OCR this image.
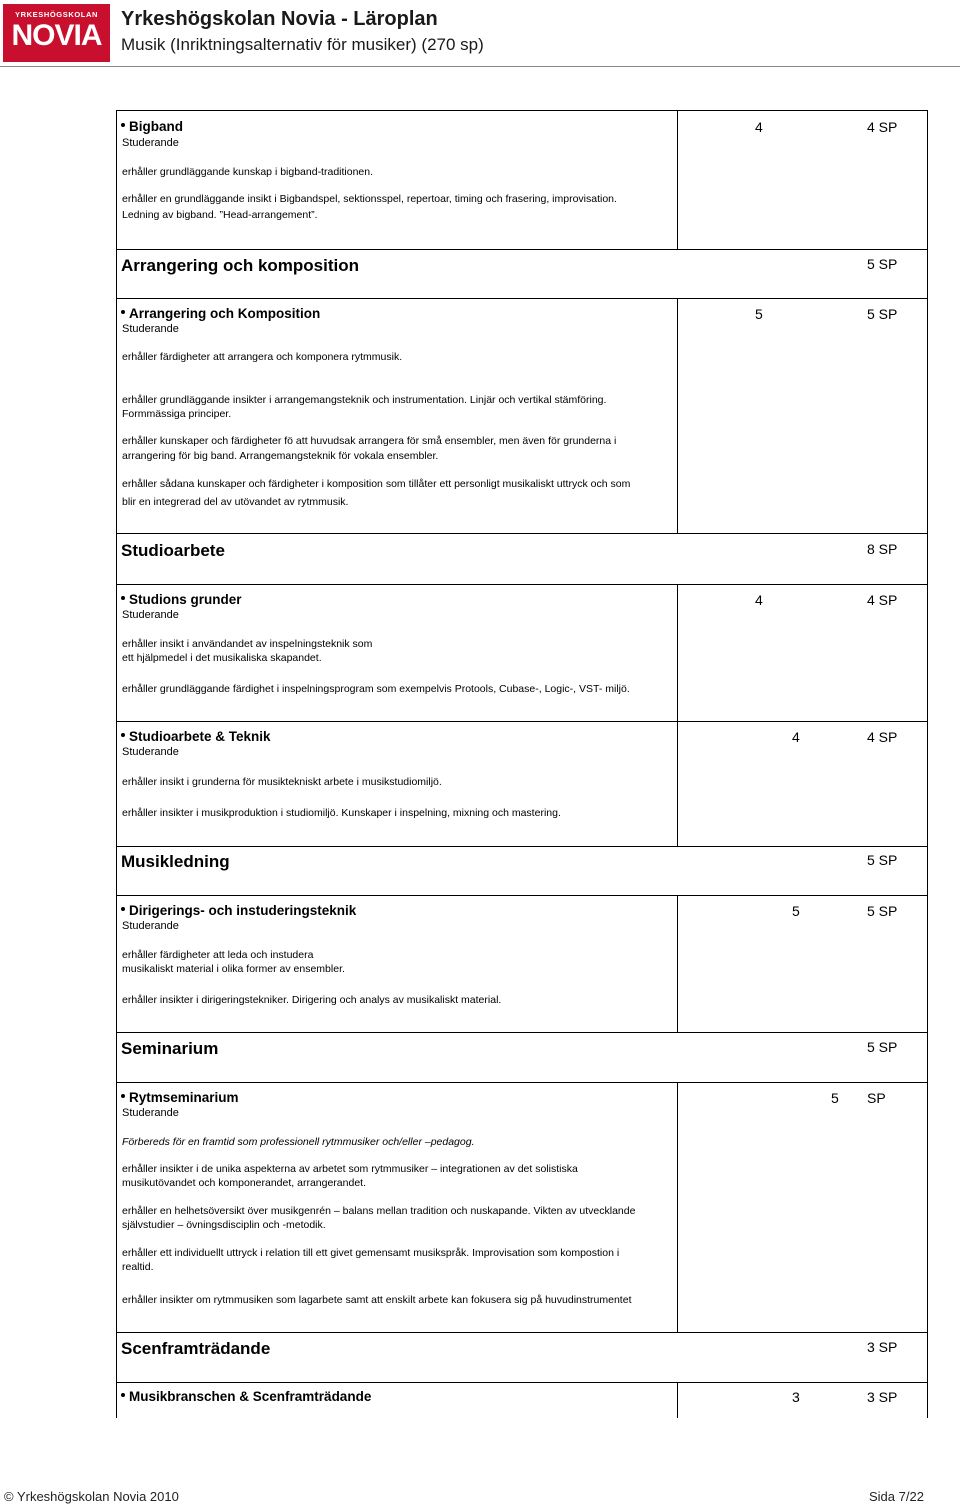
YRKESHÖGSKOLAN
NOVIA Yrkeshögskolan Novia - Läroplan
Musik (Inriktningsalternativ för musiker) (270 sp)
Bigband
Studerande
4	4 SP
erhåller grundläggande kunskap i bigband-traditionen.
erhåller en grundläggande insikt i Bigbandspel, sektionsspel, repertoar, timing och frasering, improvisation.
Ledning av bigband. ”Head-arrangement”.
Arrangering och komposition	5 SP
Arrangering och Komposition
Studerande
5	5 SP
erhåller färdigheter att arrangera och komponera rytmmusik.
erhåller grundläggande insikter i arrangemangsteknik och instrumentation. Linjär och vertikal stämföring.
Formmässiga principer.
erhåller kunskaper och färdigheter fö att huvudsak arrangera för små ensembler, men även för grunderna i
arrangering för big band. Arrangemangsteknik för vokala ensembler.
erhåller sådana kunskaper och färdigheter i komposition som tillåter ett personligt musikaliskt uttryck och som
blir en integrerad del av utövandet av rytmmusik.
Studioarbete	8 SP
Studions grunder
Studerande
4	4 SP
erhåller insikt i användandet av inspelningsteknik som
ett hjälpmedel i det musikaliska skapandet.
erhåller grundläggande färdighet i inspelningsprogram som exempelvis Protools, Cubase-, Logic-, VST- miljö.
Studioarbete & Teknik
Studerande
4	4 SP
erhåller insikt i grunderna för musiktekniskt arbete i musikstudiomiljö.
erhåller insikter i musikproduktion i studiomiljö. Kunskaper i inspelning, mixning och mastering.
Musikledning	5 SP
Dirigerings- och instuderingsteknik
Studerande
5	5 SP
erhåller färdigheter att leda och instudera
musikaliskt material i olika former av ensembler.
erhåller insikter i dirigeringstekniker. Dirigering och analys av musikaliskt material.
Seminarium	5 SP
Rytmseminarium
Studerande
5 SP
Förbereds för en framtid som professionell rytmmusiker och/eller –pedagog.
erhåller insikter i de unika aspekterna av arbetet som rytmmusiker – integrationen av det solistiska
musikutövandet och komponerandet, arrangerandet.
erhåller en helhetsöversikt över musikgenrén – balans mellan tradition och nuskapande. Vikten av utvecklande
självstudier – övningsdisciplin och -metodik.
erhåller ett individuellt uttryck i relation till ett givet gemensamt musikspråk. Improvisation som kompostion i
realtid.
erhåller insikter om rytmmusiken som lagarbete samt att enskilt arbete kan fokusera sig på huvudinstrumentet
Scenframträdande	3 SP
Musikbranschen & Scenframträdande	3	3 SP
© Yrkeshögskolan Novia 2010	Sida 7/22
